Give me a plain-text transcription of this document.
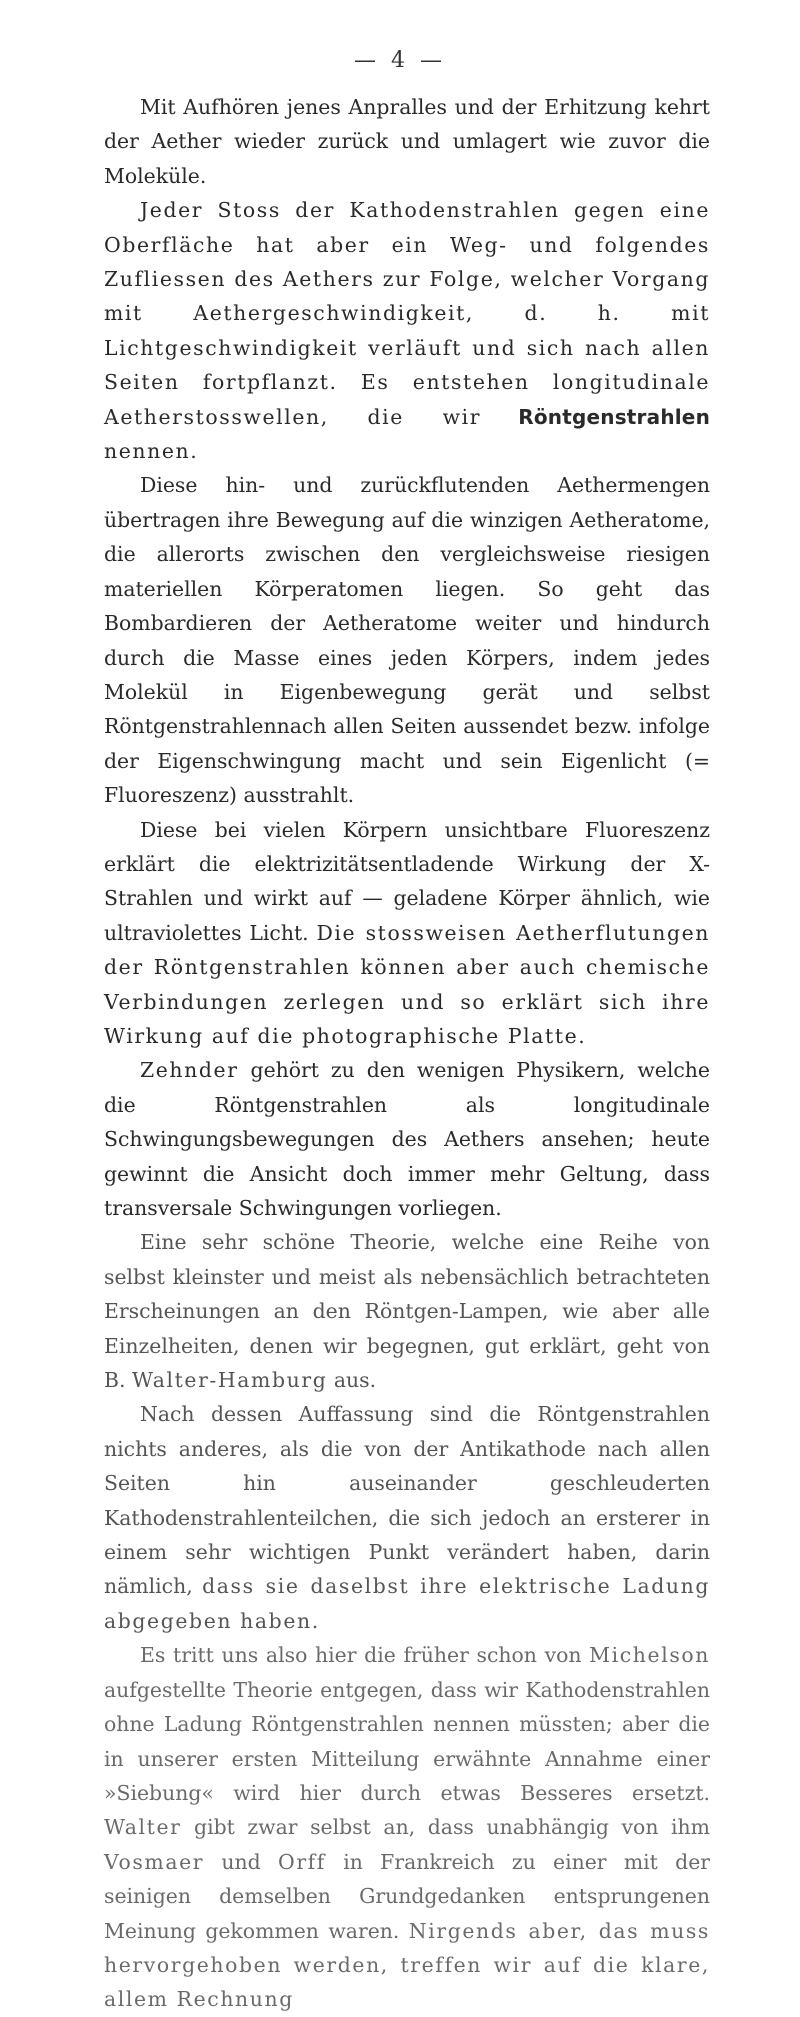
— 4 —

Mit Aufhören jenes Anpralles und der Erhitzung kehrt der Aether wieder zurück und umlagert wie zuvor die Moleküle.

Jeder Stoss der Kathodenstrahlen gegen eine Oberfläche hat aber ein Weg- und folgendes Zufliessen des Aethers zur Folge, welcher Vorgang mit Aethergeschwindigkeit, d. h. mit Lichtgeschwindigkeit verläuft und sich nach allen Seiten fortpflanzt. Es entstehen longitudinale Aetherstosswellen, die wir Röntgenstrahlen nennen.

Diese hin- und zurückflutenden Aethermengen übertragen ihre Bewegung auf die winzigen Aetheratome, die allerorts zwischen den vergleichsweise riesigen materiellen Körperatomen liegen. So geht das Bombardieren der Aetheratome weiter und hindurch durch die Masse eines jeden Körpers, indem jedes Molekül in Eigenbewegung gerät und selbst Röntgenstrahlennach allen Seiten aussendet bezw. infolge der Eigenschwingung macht und sein Eigenlicht (= Fluoreszenz) ausstrahlt.

Diese bei vielen Körpern unsichtbare Fluoreszenz erklärt die elektrizitätsentladende Wirkung der X-Strahlen und wirkt auf — geladene Körper ähnlich, wie ultraviolettes Licht. Die stossweisen Aetherflutungen der Röntgenstrahlen können aber auch chemische Verbindungen zerlegen und so erklärt sich ihre Wirkung auf die photographische Platte.

Zehnder gehört zu den wenigen Physikern, welche die Röntgenstrahlen als longitudinale Schwingungsbewegungen des Aethers ansehen; heute gewinnt die Ansicht doch immer mehr Geltung, dass transversale Schwingungen vorliegen.

Eine sehr schöne Theorie, welche eine Reihe von selbst kleinster und meist als nebensächlich betrachteten Erscheinungen an den Röntgen-Lampen, wie aber alle Einzelheiten, denen wir begegnen, gut erklärt, geht von B. Walter-Hamburg aus.

Nach dessen Auffassung sind die Röntgenstrahlen nichts anderes, als die von der Antikathode nach allen Seiten hin auseinander geschleuderten Kathodenstrahlenteilchen, die sich jedoch an ersterer in einem sehr wichtigen Punkt verändert haben, darin nämlich, dass sie daselbst ihre elektrische Ladung abgegeben haben.

Es tritt uns also hier die früher schon von Michelson aufgestellte Theorie entgegen, dass wir Kathodenstrahlen ohne Ladung Röntgenstrahlen nennen müssten; aber die in unserer ersten Mitteilung erwähnte Annahme einer »Siebung« wird hier durch etwas Besseres ersetzt. Walter gibt zwar selbst an, dass unabhängig von ihm Vosmaer und Orff in Frankreich zu einer mit der seinigen demselben Grundgedanken entsprungenen Meinung gekommen waren. Nirgends aber, das muss hervorgehoben werden, treffen wir auf die klare, allem Rechnung
